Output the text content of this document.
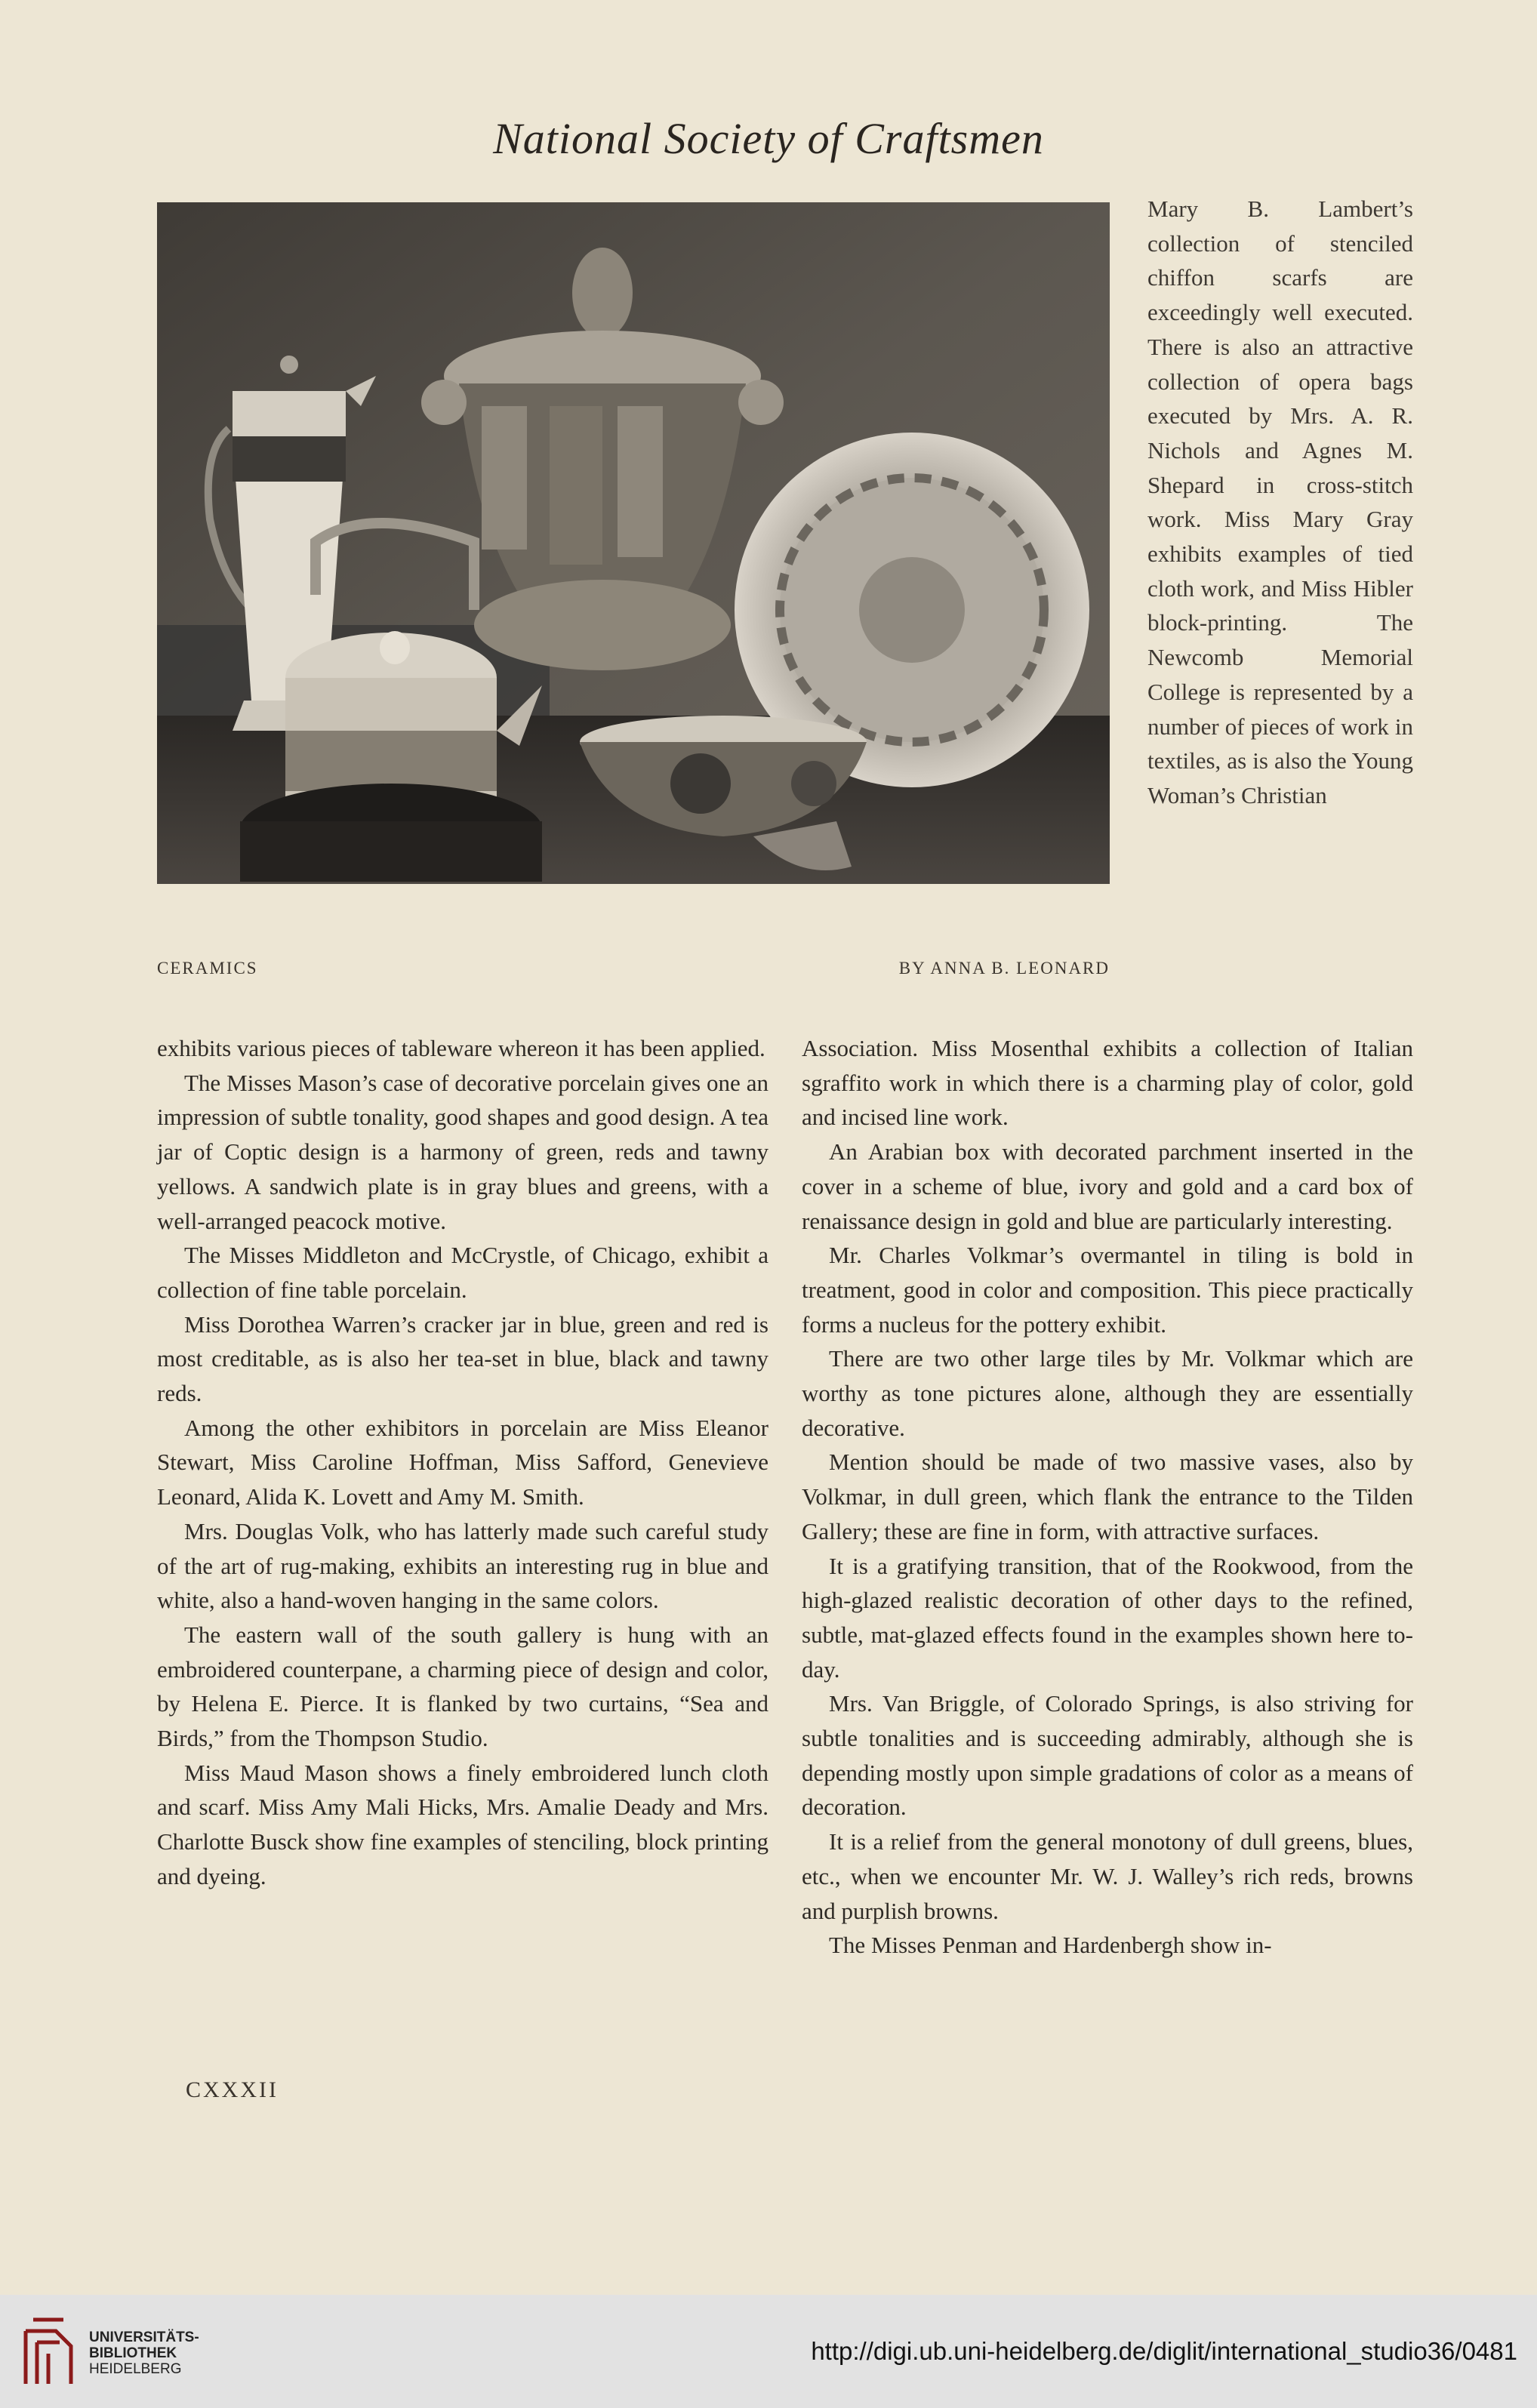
National Society of Craftsmen
CERAMICS	BY ANNA B. LEONARD

Mary B. Lambert’s collection of stenciled chiffon scarfs are exceedingly well executed. There is also an attractive collection of opera bags executed by Mrs. A. R. Nichols and Agnes M. Shepard in cross-stitch work. Miss Mary Gray exhibits examples of tied cloth work, and Miss Hibler block-printing. The Newcomb Memorial College is represented by a number of pieces of work in textiles, as is also the Young Woman’s Christian

exhibits various pieces of tableware whereon it has been applied.

The Misses Mason’s case of decorative porcelain gives one an impression of subtle tonality, good shapes and good design. A tea jar of Coptic design is a harmony of green, reds and tawny yellows. A sandwich plate is in gray blues and greens, with a well-arranged peacock motive.

The Misses Middleton and McCrystle, of Chicago, exhibit a collection of fine table porcelain.

Miss Dorothea Warren’s cracker jar in blue, green and red is most creditable, as is also her tea-set in blue, black and tawny reds.

Among the other exhibitors in porcelain are Miss Eleanor Stewart, Miss Caroline Hoffman, Miss Safford, Genevieve Leonard, Alida K. Lovett and Amy M. Smith.

Mrs. Douglas Volk, who has latterly made such careful study of the art of rug-making, exhibits an interesting rug in blue and white, also a hand-woven hanging in the same colors.

The eastern wall of the south gallery is hung with an embroidered counterpane, a charming piece of design and color, by Helena E. Pierce. It is flanked by two curtains, “Sea and Birds,” from the Thompson Studio.

Miss Maud Mason shows a finely embroidered lunch cloth and scarf. Miss Amy Mali Hicks, Mrs. Amalie Deady and Mrs. Charlotte Busck show fine examples of stenciling, block printing and dyeing.

Association. Miss Mosenthal exhibits a collection of Italian sgraffito work in which there is a charming play of color, gold and incised line work.

An Arabian box with decorated parchment inserted in the cover in a scheme of blue, ivory and gold and a card box of renaissance design in gold and blue are particularly interesting.

Mr. Charles Volkmar’s overmantel in tiling is bold in treatment, good in color and composition. This piece practically forms a nucleus for the pottery exhibit.

There are two other large tiles by Mr. Volkmar which are worthy as tone pictures alone, although they are essentially decorative.

Mention should be made of two massive vases, also by Volkmar, in dull green, which flank the entrance to the Tilden Gallery; these are fine in form, with attractive surfaces.

It is a gratifying transition, that of the Rookwood, from the high-glazed realistic decoration of other days to the refined, subtle, mat-glazed effects found in the examples shown here to-day.

Mrs. Van Briggle, of Colorado Springs, is also striving for subtle tonalities and is succeeding admirably, although she is depending mostly upon simple gradations of color as a means of decoration.

It is a relief from the general monotony of dull greens, blues, etc., when we encounter Mr. W. J. Walley’s rich reds, browns and purplish browns.

The Misses Penman and Hardenbergh show in-

CXXXII
UNIVERSITÄTS-
BIBLIOTHEK
HEIDELBERG
http://digi.ub.uni-heidelberg.de/diglit/international_studio36/0481
